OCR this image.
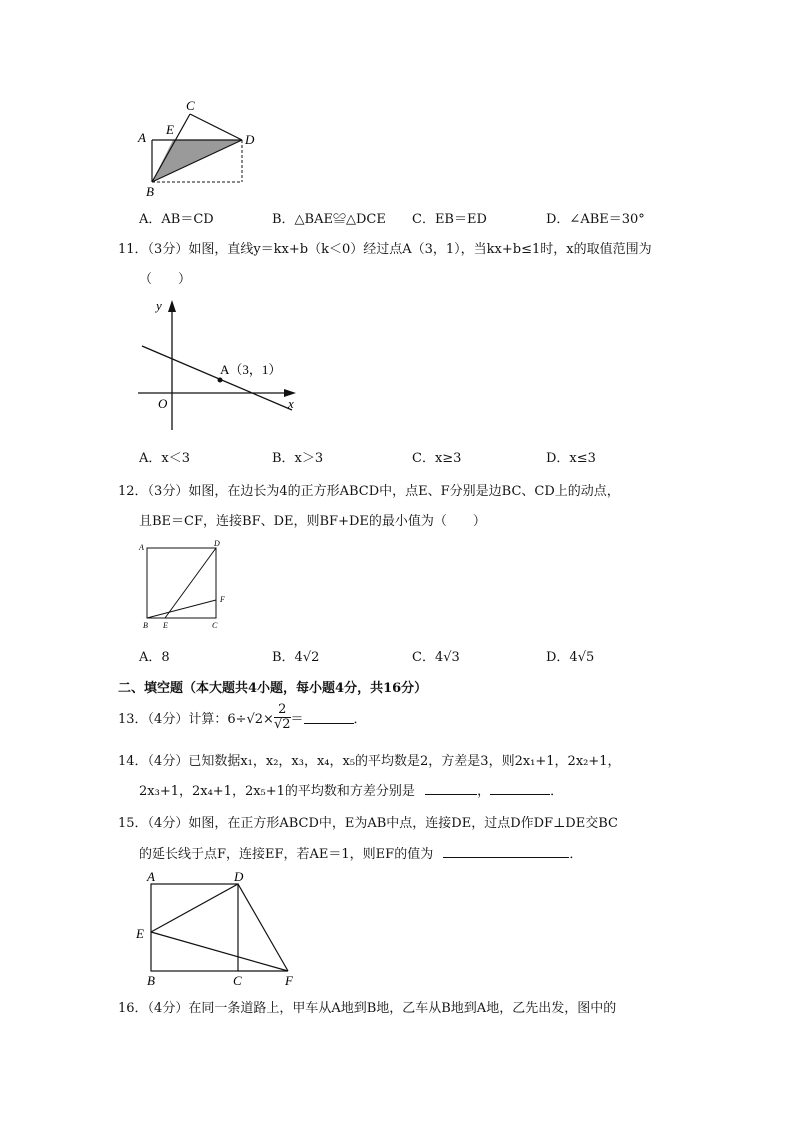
C
A
E
D
B
A．AB＝CD	B．△BAE≌△DCE C．EB＝ED	D．∠ABE＝30°
11．（3分）如图，直线y＝kx+b（k＜0）经过点A（3，1），当kx+b≤1时，x的取值范围为
（　　）
y
x
O
A（3，1）
A．x＜3	B．x＞3	C．x≥3	D．x≤3
12．（3分）如图，在边长为4的正方形ABCD中，点E、F分别是边BC、CD上的动点，
且BE＝CF，连接BF、DE，则BF+DE的最小值为（　　）
A	D
F
B E	C
A．8	B．4√2	C．4√3	D．4√5
二、填空题（本大题共4小题，每小题4分，共16分）
13．（4分）计算：$6\div√2\times \frac{2}{√2}$ ＝	．
14．（4分）已知数据x₁，x₂，x₃，x₄，x₅的平均数是2，方差是3，则2x₁+1，2x₂+1，
2x₃+1，2x₄+1，2x₅+1的平均数和方差分别是	，	．
15．（4分）如图，在正方形ABCD中，E为AB中点，连接DE，过点D作DF⊥DE交BC
的延长线于点F，连接EF，若AE＝1，则EF的值为	．
A	D
E
B	C	F
16．（4分）在同一条道路上，甲车从A地到B地，乙车从B地到A地，乙先出发，图中的
